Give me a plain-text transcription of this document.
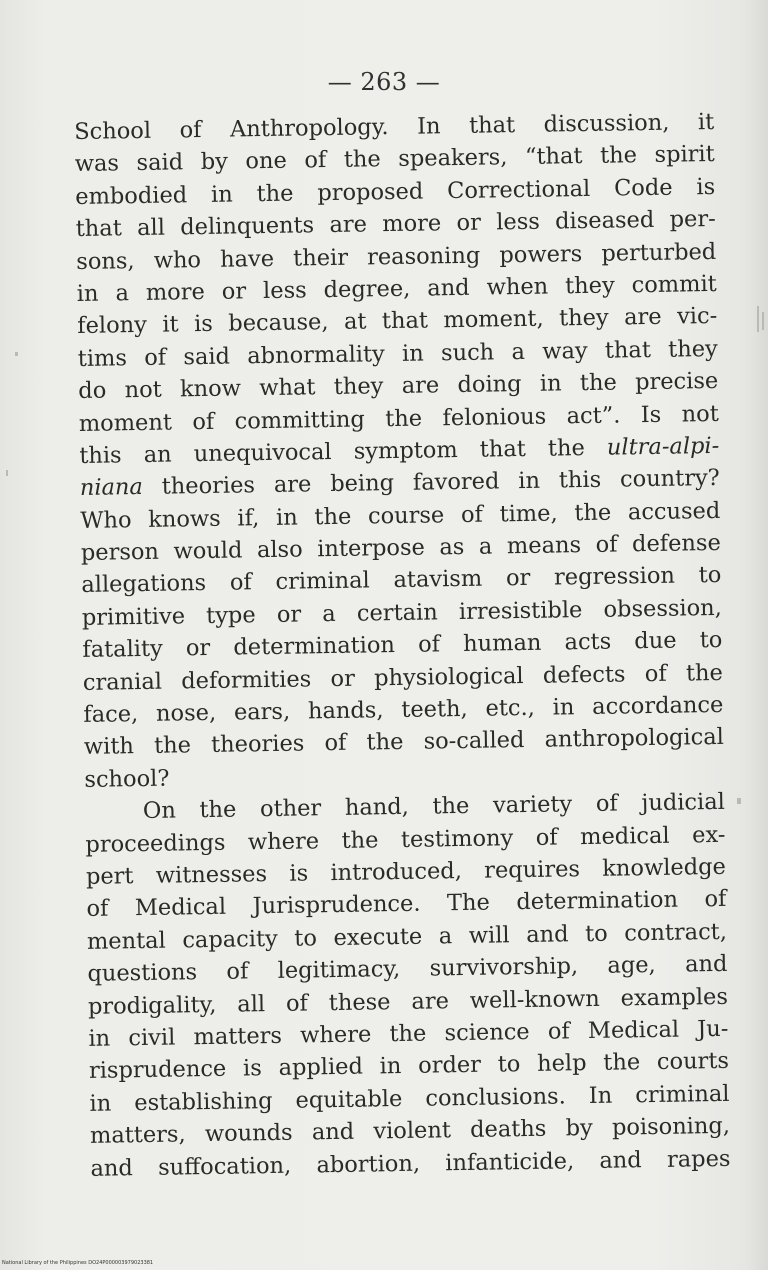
— 263 —
School of Anthropology. In that discussion, it
was said by one of the speakers, “that the spirit
embodied in the proposed Correctional Code is
that all delinquents are more or less diseased per-
sons, who have their reasoning powers perturbed
in a more or less degree, and when they commit
felony it is because, at that moment, they are vic-
tims of said abnormality in such a way that they
do not know what they are doing in the precise
moment of committing the felonious act”. Is not
this an unequivocal symptom that the ultra-alpi-
niana theories are being favored in this country?
Who knows if, in the course of time, the accused
person would also interpose as a means of defense
allegations of criminal atavism or regression to
primitive type or a certain irresistible obsession,
fatality or determination of human acts due to
cranial deformities or physiological defects of the
face, nose, ears, hands, teeth, etc., in accordance
with the theories of the so-called anthropological
school?
On the other hand, the variety of judicial
proceedings where the testimony of medical ex-
pert witnesses is introduced, requires knowledge
of Medical Jurisprudence. The determination of
mental capacity to execute a will and to contract,
questions of legitimacy, survivorship, age, and
prodigality, all of these are well-known examples
in civil matters where the science of Medical Ju-
risprudence is applied in order to help the courts
in establishing equitable conclusions. In criminal
matters, wounds and violent deaths by poisoning,
and suffocation, abortion, infanticide, and rapes
National Library of the Philippines DO24P000003979023381
